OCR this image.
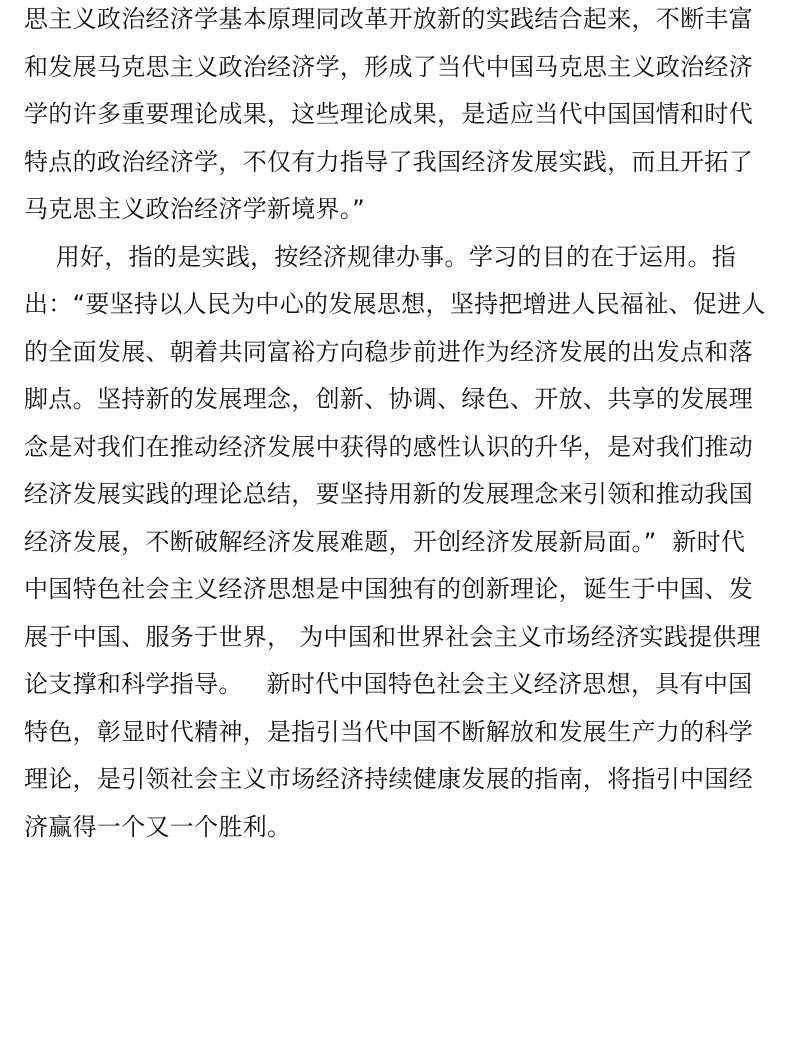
思主义政治经济学基本原理同改革开放新的实践结合起来，不断丰富
和发展马克思主义政治经济学，形成了当代中国马克思主义政治经济
学的许多重要理论成果，这些理论成果，是适应当代中国国情和时代
特点的政治经济学，不仅有力指导了我国经济发展实践，而且开拓了
马克思主义政治经济学新境界。”
用好，指的是实践，按经济规律办事。学习的目的在于运用。指
出：“要坚持以人民为中心的发展思想，坚持把增进人民福祉、促进人
的全面发展、朝着共同富裕方向稳步前进作为经济发展的出发点和落
脚点。坚持新的发展理念，创新、协调、绿色、开放、共享的发展理
念是对我们在推动经济发展中获得的感性认识的升华，是对我们推动
经济发展实践的理论总结，要坚持用新的发展理念来引领和推动我国
经济发展，不断破解经济发展难题，开创经济发展新局面。”  新时代
中国特色社会主义经济思想是中国独有的创新理论，诞生于中国、发
展于中国、服务于世界， 为中国和世界社会主义市场经济实践提供理
论支撑和科学指导。   新时代中国特色社会主义经济思想，具有中国
特色，彰显时代精神，是指引当代中国不断解放和发展生产力的科学
理论，是引领社会主义市场经济持续健康发展的指南，将指引中国经
济赢得一个又一个胜利。
